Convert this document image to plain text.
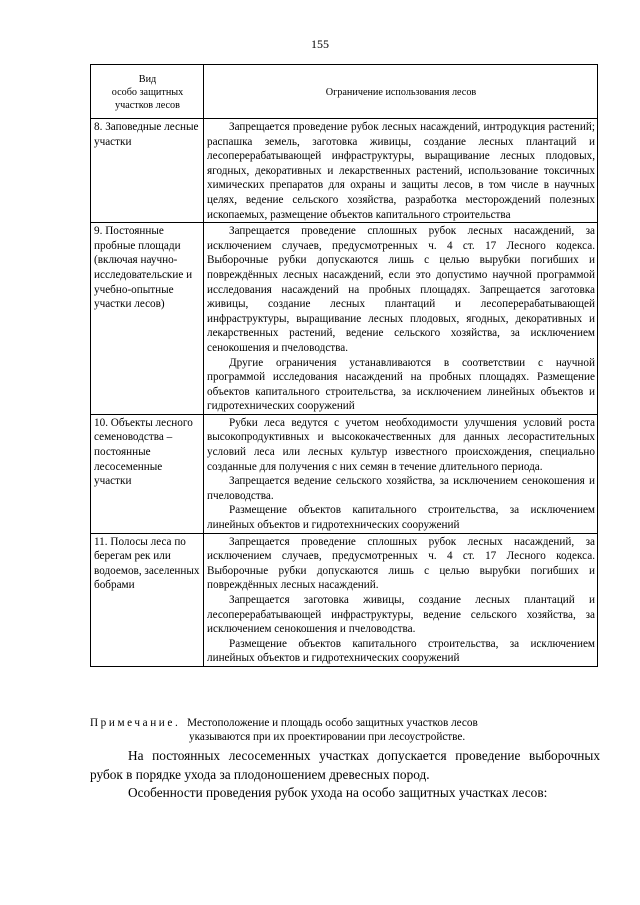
155
Вид
особо защитных
участков лесов	Ограничение использования лесов
8. Заповедные лесные участки	Запрещается проведение рубок лесных насаждений, интродукция растений; распашка земель, заготовка живицы, создание лесных плантаций и лесоперерабатывающей инфраструктуры, выращивание лесных плодовых, ягодных, декоративных и лекарственных растений, использование токсичных химических препаратов для охраны и защиты лесов, в том числе в научных целях, ведение сельского хозяйства, разработка месторождений полезных ископаемых, размещение объектов капитального строительства

9. Постоянные пробные площади (включая научно-исследовательские и учебно-опытные участки лесов)	Запрещается проведение сплошных рубок лесных насаждений, за исключением случаев, предусмотренных ч. 4 ст. 17 Лесного кодекса. Выборочные рубки допускаются лишь с целью вырубки погибших и повреждённых лесных насаждений, если это допустимо научной программой исследования насаждений на пробных площадях. Запрещается заготовка живицы, создание лесных плантаций и лесоперерабатывающей инфраструктуры, выращивание лесных плодовых, ягодных, декоративных и лекарственных растений, ведение сельского хозяйства, за исключением сенокошения и пчеловодства.

Другие ограничения устанавливаются в соответствии с научной программой исследования насаждений на пробных площадях. Размещение объектов капитального строительства, за исключением линейных объектов и гидротехнических сооружений

10. Объекты лесного семеноводства – постоянные лесосеменные участки	Рубки леса ведутся с учетом необходимости улучшения условий роста высокопродуктивных и высококачественных для данных лесорастительных условий леса или лесных культур известного происхождения, специально созданные для получения с них семян в течение длительного периода.

Запрещается ведение сельского хозяйства, за исключением сенокошения и пчеловодства.

Размещение объектов капитального строительства, за исключением линейных объектов и гидротехнических сооружений

11. Полосы леса по берегам рек или водоемов, заселенных бобрами	Запрещается проведение сплошных рубок лесных насаждений, за исключением случаев, предусмотренных ч. 4 ст. 17 Лесного кодекса. Выборочные рубки допускаются лишь с целью вырубки погибших и повреждённых лесных насаждений.

Запрещается заготовка живицы, создание лесных плантаций и лесоперерабатывающей инфраструктуры, ведение сельского хозяйства, за исключением сенокошения и пчеловодства.

Размещение объектов капитального строительства, за исключением линейных объектов и гидротехнических сооружений

Примечание. Местоположение и площадь особо защитных участков лесов
указываются при их проектировании при лесоустройстве.

На постоянных лесосеменных участках допускается проведение выборочных рубок в порядке ухода за плодоношением древесных пород.

Особенности проведения рубок ухода на особо защитных участках лесов:
